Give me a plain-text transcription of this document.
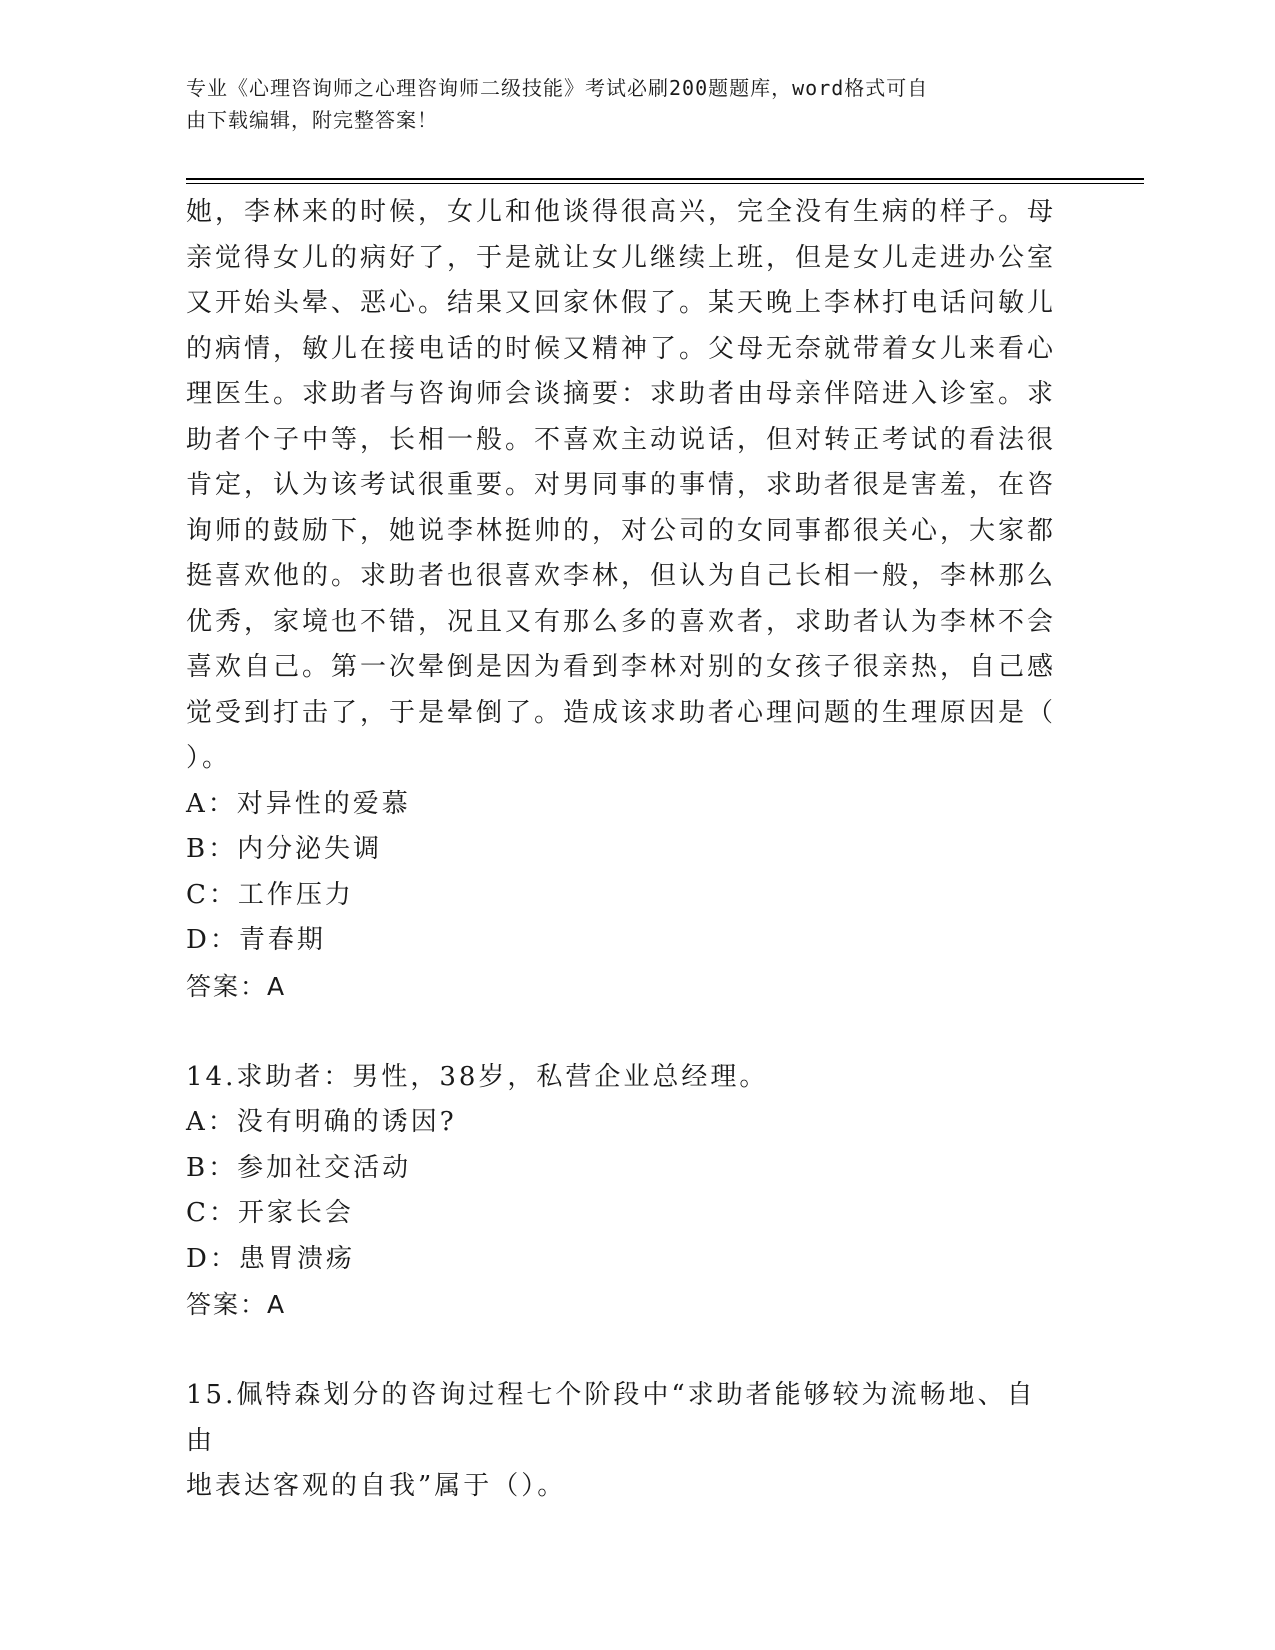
专业《心理咨询师之心理咨询师二级技能》考试必刷200题题库，word格式可自
由下载编辑，附完整答案！
她，李林来的时候，女儿和他谈得很高兴，完全没有生病的样子。母
亲觉得女儿的病好了，于是就让女儿继续上班，但是女儿走进办公室
又开始头晕、恶心。结果又回家休假了。某天晚上李林打电话问敏儿
的病情，敏儿在接电话的时候又精神了。父母无奈就带着女儿来看心
理医生。求助者与咨询师会谈摘要：求助者由母亲伴陪进入诊室。求
助者个子中等，长相一般。不喜欢主动说话，但对转正考试的看法很
肯定，认为该考试很重要。对男同事的事情，求助者很是害羞，在咨
询师的鼓励下，她说李林挺帅的，对公司的女同事都很关心，大家都
挺喜欢他的。求助者也很喜欢李林，但认为自己长相一般，李林那么
优秀，家境也不错，况且又有那么多的喜欢者，求助者认为李林不会
喜欢自己。第一次晕倒是因为看到李林对别的女孩子很亲热，自己感
觉受到打击了，于是晕倒了。造成该求助者心理问题的生理原因是（
）。
A：对异性的爱慕
B：内分泌失调
C：工作压力
D：青春期
答案：A
14.求助者：男性，38岁，私营企业总经理。
A：没有明确的诱因?
B：参加社交活动
C：开家长会
D：患胃溃疡
答案：A
15.佩特森划分的咨询过程七个阶段中“求助者能够较为流畅地、自由
地表达客观的自我”属于（）。
